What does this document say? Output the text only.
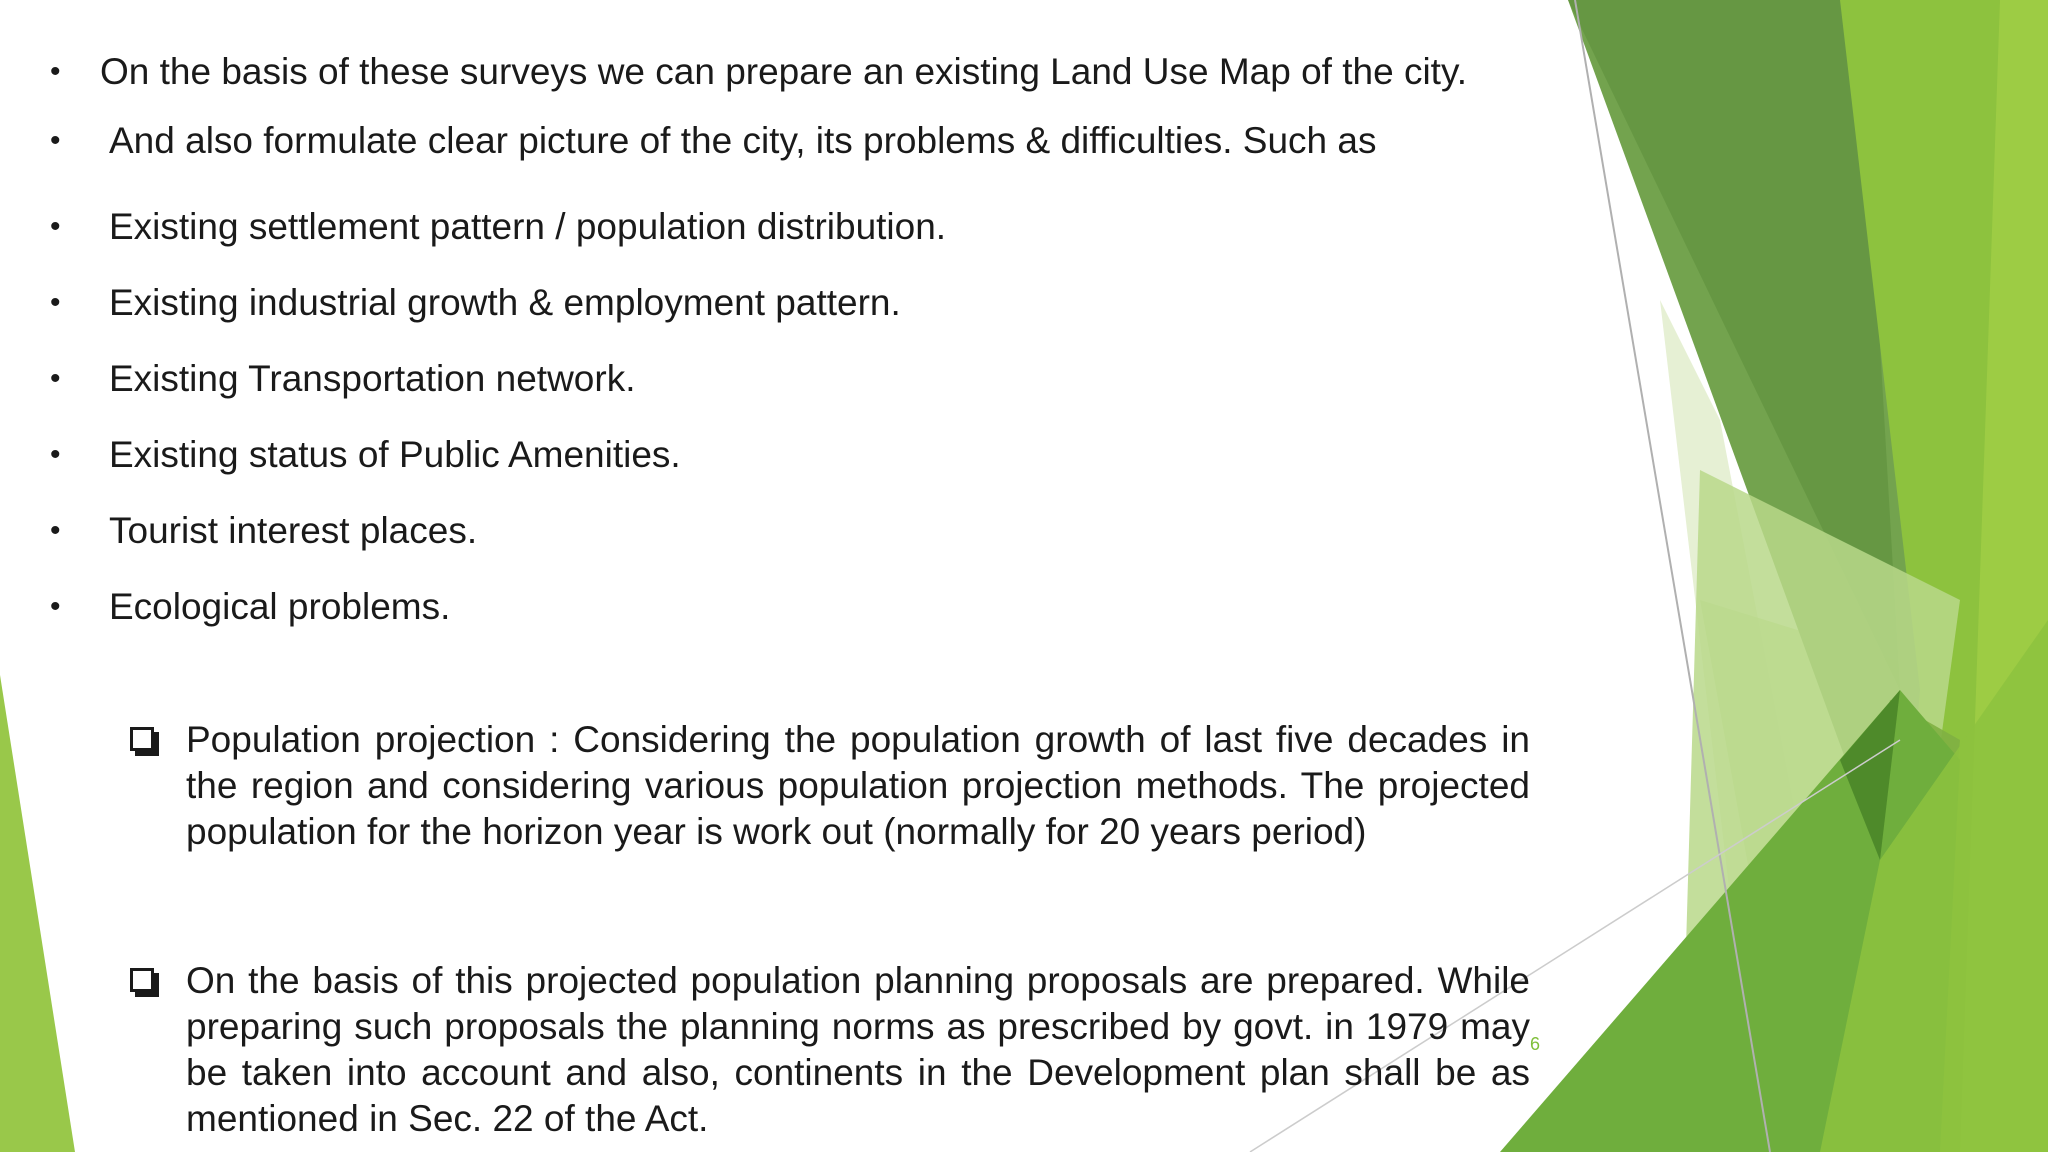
• On the basis of these surveys we can prepare an existing Land Use Map of the city.
• And also formulate clear picture of the city, its problems & difficulties. Such as
• Existing settlement pattern / population distribution.
• Existing industrial growth & employment pattern.
• Existing Transportation network.
• Existing status of Public Amenities.
• Tourist interest places.
• Ecological problems.

Population projection : Considering the population growth of last five decades in the region and considering various population projection methods. The projected population for the horizon year is work out (normally for 20 years period)

On the basis of this projected population planning proposals are prepared. While preparing such proposals the planning norms as prescribed by govt. in 1979 may be taken into account and also, continents in the Development plan shall be as mentioned in Sec. 22 of the Act.

6
